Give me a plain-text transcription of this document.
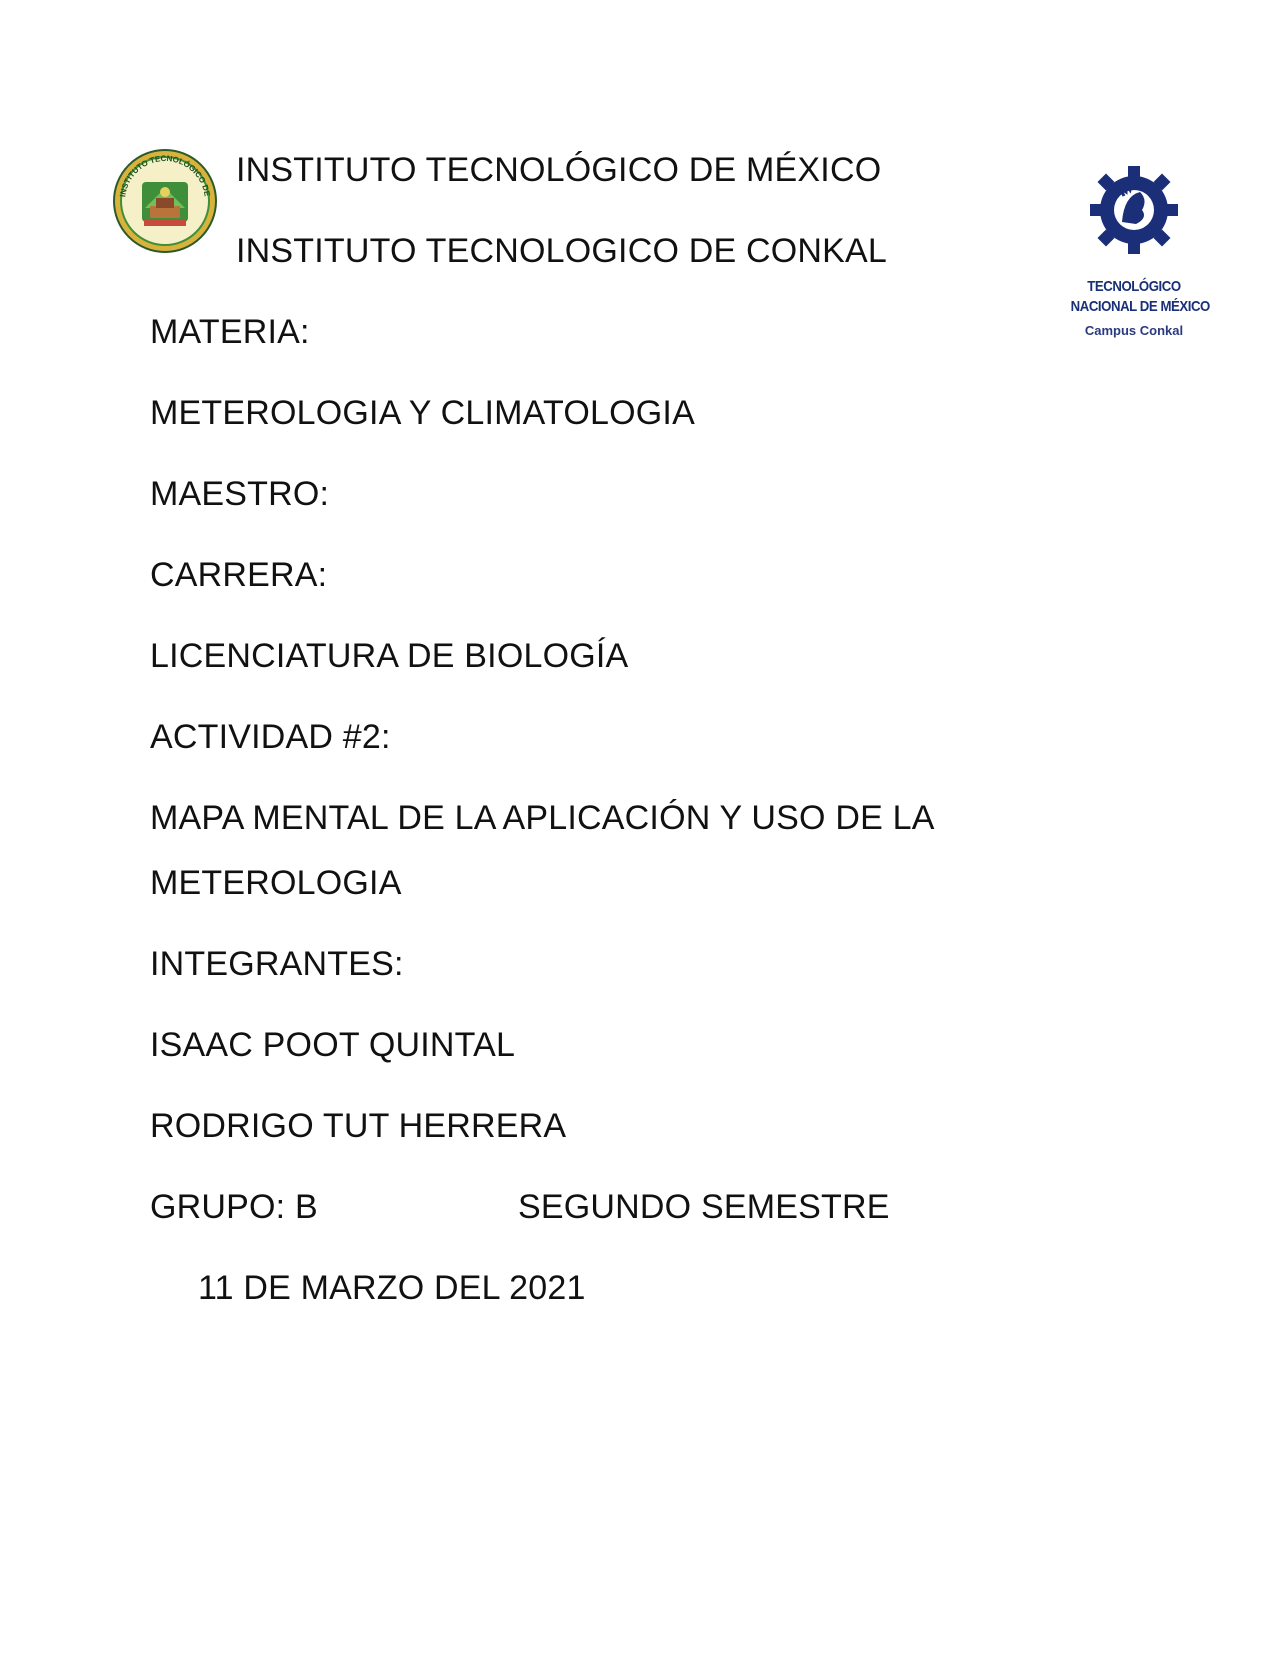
INSTITUTO TECNOLÓGICO DE
TECNOLÓGICO
NACIONAL DE MÉXICO
Campus Conkal
INSTITUTO TECNOLÓGICO DE MÉXICO
INSTITUTO TECNOLOGICO DE CONKAL
MATERIA:
METEROLOGIA Y CLIMATOLOGIA
MAESTRO:
CARRERA:
LICENCIATURA DE BIOLOGÍA
ACTIVIDAD #2:
MAPA MENTAL DE LA APLICACIÓN Y USO DE LA
METEROLOGIA
INTEGRANTES:
ISAAC POOT QUINTAL
RODRIGO TUT HERRERA
GRUPO: B	SEGUNDO SEMESTRE
11 DE MARZO DEL 2021
